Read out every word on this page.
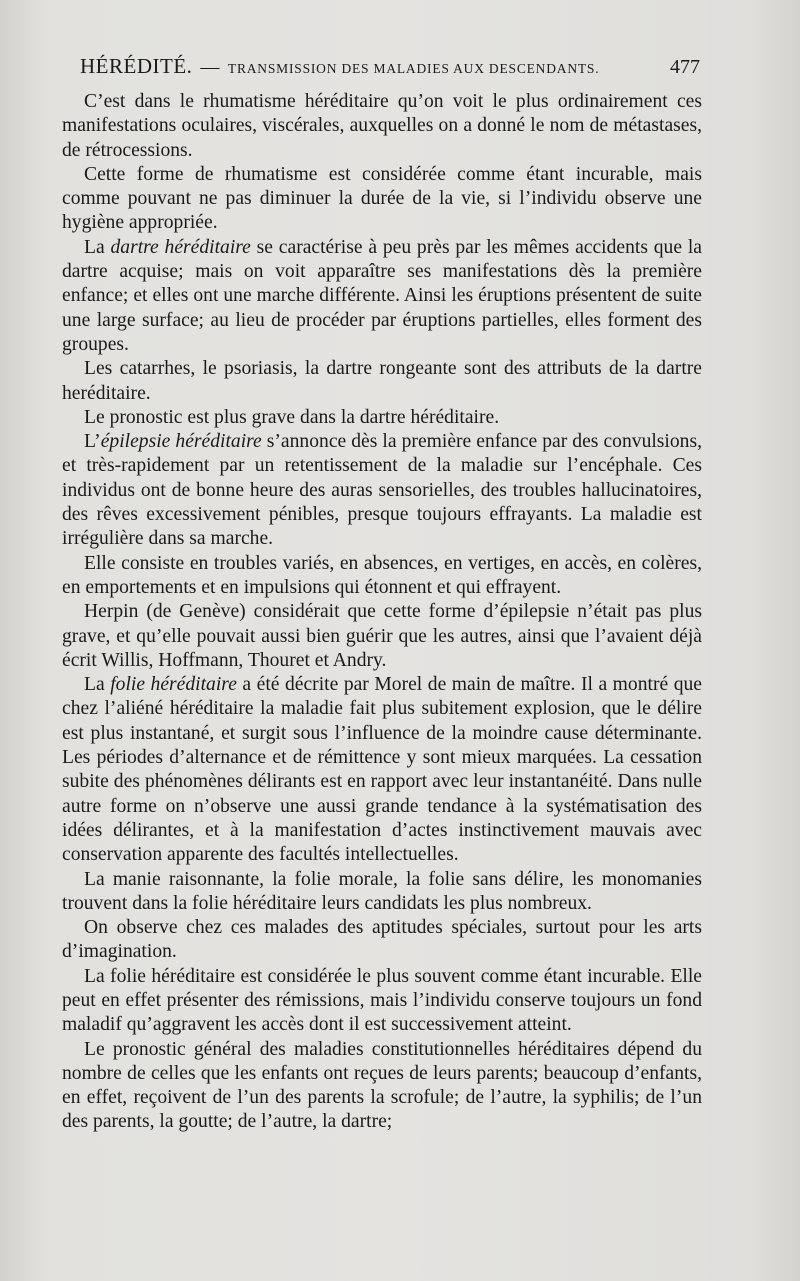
HÉRÉDITÉ. — TRANSMISSION DES MALADIES AUX DESCENDANTS.	477

C’est dans le rhumatisme héréditaire qu’on voit le plus ordinairement ces manifestations oculaires, viscérales, auxquelles on a donné le nom de métastases, de rétrocessions.

Cette forme de rhumatisme est considérée comme étant incurable, mais comme pouvant ne pas diminuer la durée de la vie, si l’individu observe une hygiène appropriée.

La dartre héréditaire se caractérise à peu près par les mêmes accidents que la dartre acquise; mais on voit apparaître ses manifestations dès la première enfance; et elles ont une marche différente. Ainsi les éruptions présentent de suite une large surface; au lieu de procéder par éruptions partielles, elles forment des groupes.

Les catarrhes, le psoriasis, la dartre rongeante sont des attributs de la dartre heréditaire.

Le pronostic est plus grave dans la dartre héréditaire.

L’épilepsie héréditaire s’annonce dès la première enfance par des convulsions, et très-rapidement par un retentissement de la maladie sur l’encéphale. Ces individus ont de bonne heure des auras sensorielles, des troubles hallucinatoires, des rêves excessivement pénibles, presque toujours effrayants. La maladie est irrégulière dans sa marche.

Elle consiste en troubles variés, en absences, en vertiges, en accès, en colères, en emportements et en impulsions qui étonnent et qui effrayent.

Herpin (de Genève) considérait que cette forme d’épilepsie n’était pas plus grave, et qu’elle pouvait aussi bien guérir que les autres, ainsi que l’avaient déjà écrit Willis, Hoffmann, Thouret et Andry.

La folie héréditaire a été décrite par Morel de main de maître. Il a montré que chez l’aliéné héréditaire la maladie fait plus subitement explosion, que le délire est plus instantané, et surgit sous l’influence de la moindre cause déterminante. Les périodes d’alternance et de rémittence y sont mieux marquées. La cessation subite des phénomènes délirants est en rapport avec leur instantanéité. Dans nulle autre forme on n’observe une aussi grande tendance à la systématisation des idées délirantes, et à la manifestation d’actes instinctivement mauvais avec conservation apparente des facultés intellectuelles.

La manie raisonnante, la folie morale, la folie sans délire, les monomanies trouvent dans la folie héréditaire leurs candidats les plus nombreux.

On observe chez ces malades des aptitudes spéciales, surtout pour les arts d’imagination.

La folie héréditaire est considérée le plus souvent comme étant incurable. Elle peut en effet présenter des rémissions, mais l’individu conserve toujours un fond maladif qu’aggravent les accès dont il est successivement atteint.

Le pronostic général des maladies constitutionnelles héréditaires dépend du nombre de celles que les enfants ont reçues de leurs parents; beaucoup d’enfants, en effet, reçoivent de l’un des parents la scrofule; de l’autre, la syphilis; de l’un des parents, la goutte; de l’autre, la dartre;
